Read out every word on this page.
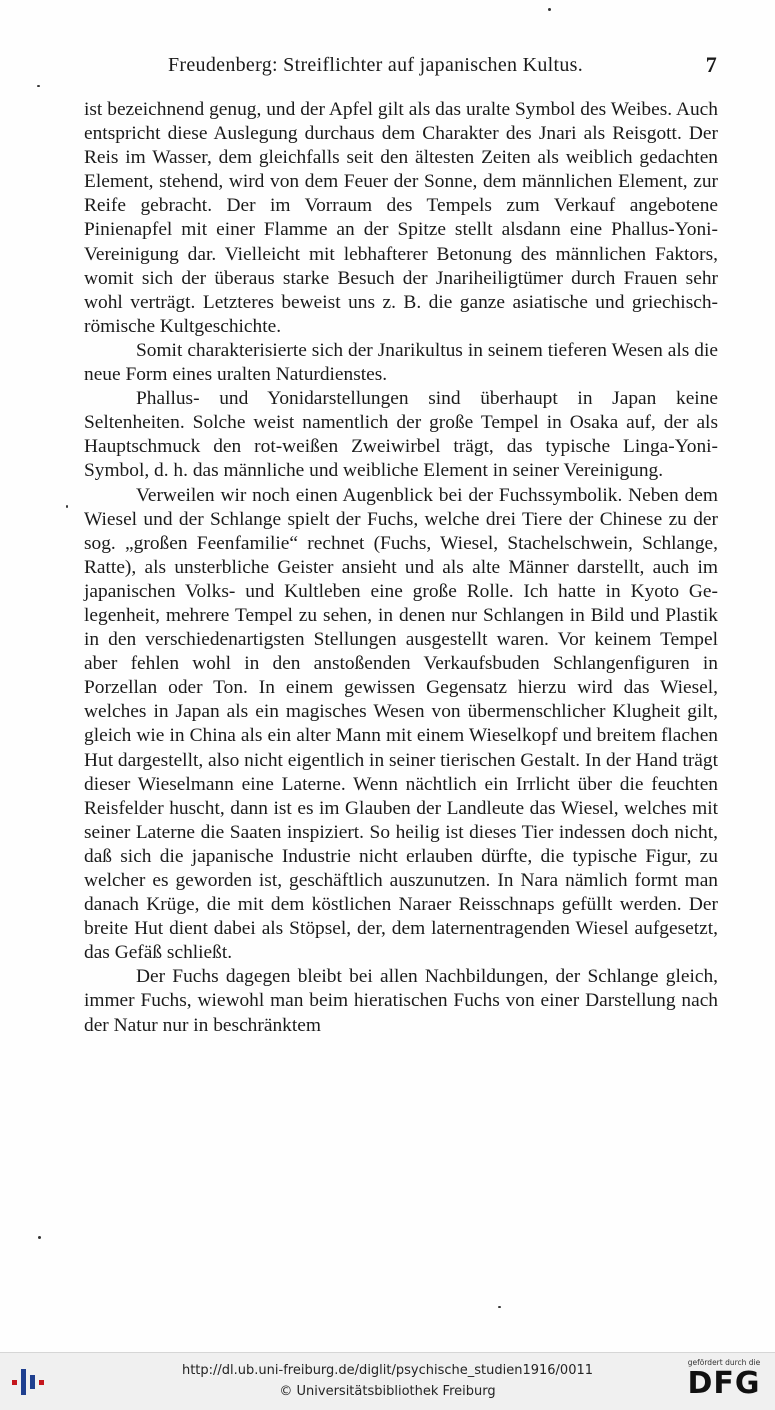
Freudenberg: Streiflichter auf japanischen Kultus.	7

ist bezeichnend genug, und der Apfel gilt als das uralte Symbol des Weibes. Auch entspricht diese Auslegung durchaus dem Charakter des Jnari als Reisgott. Der Reis im Wasser, dem gleichfalls seit den ältesten Zeiten als weiblich gedachten Element, stehend, wird von dem Feuer der Sonne, dem männlichen Element, zur Reife gebracht. Der im Vorraum des Tempels zum Verkauf angebotene Pinienapfel mit einer Flamme an der Spitze stellt alsdann eine Phallus-Yoni-Vereinigung dar. Vielleicht mit lebhafterer Betonung des männlichen Faktors, womit sich der überaus starke Besuch der Jnariheiligtümer durch Frauen sehr wohl verträgt. Letzteres beweist uns z. B. die ganze asiatische und griechisch-römische Kultgeschichte.

Somit charakterisierte sich der Jnarikultus in seinem tieferen Wesen als die neue Form eines uralten Naturdienstes.

Phallus- und Yonidarstellungen sind überhaupt in Japan keine Seltenheiten. Solche weist namentlich der große Tempel in Osaka auf, der als Hauptschmuck den rot-weißen Zweiwirbel trägt, das typische Linga-Yoni-Symbol, d. h. das männliche und weibliche Element in seiner Vereinigung.

Verweilen wir noch einen Augenblick bei der Fuchssymbolik. Neben dem Wiesel und der Schlange spielt der Fuchs, welche drei Tiere der Chinese zu der sog. „großen Feenfamilie“ rechnet (Fuchs, Wiesel, Stachelschwein, Schlange, Ratte), als unsterbliche Geister ansieht und als alte Männer darstellt, auch im japanischen Volks- und Kultleben eine große Rolle. Ich hatte in Kyoto Gelegenheit, mehrere Tempel zu sehen, in denen nur Schlangen in Bild und Plastik in den verschiedenartigsten Stellungen ausgestellt waren. Vor keinem Tempel aber fehlen wohl in den anstoßenden Verkaufsbuden Schlangenfiguren in Porzellan oder Ton. In einem gewissen Gegensatz hierzu wird das Wiesel, welches in Japan als ein magisches Wesen von übermenschlicher Klugheit gilt, gleich wie in China als ein alter Mann mit einem Wieselkopf und breitem flachen Hut dargestellt, also nicht eigentlich in seiner tierischen Gestalt. In der Hand trägt dieser Wieselmann eine Laterne. Wenn nächtlich ein Irrlicht über die feuchten Reisfelder huscht, dann ist es im Glauben der Landleute das Wiesel, welches mit seiner Laterne die Saaten inspiziert. So heilig ist dieses Tier indessen doch nicht, daß sich die japanische Industrie nicht erlauben dürfte, die typische Figur, zu welcher es geworden ist, geschäftlich auszunutzen. In Nara nämlich formt man danach Krüge, die mit dem köstlichen Naraer Reisschnaps gefüllt werden. Der breite Hut dient dabei als Stöpsel, der, dem laternentragenden Wiesel aufgesetzt, das Gefäß schließt.

Der Fuchs dagegen bleibt bei allen Nachbildungen, der Schlange gleich, immer Fuchs, wiewohl man beim hieratischen Fuchs von einer Darstellung nach der Natur nur in beschränktem

http://dl.ub.uni-freiburg.de/diglit/psychische_studien1916/0011
© Universitätsbibliothek Freiburg
gefördert durch die
DFG
